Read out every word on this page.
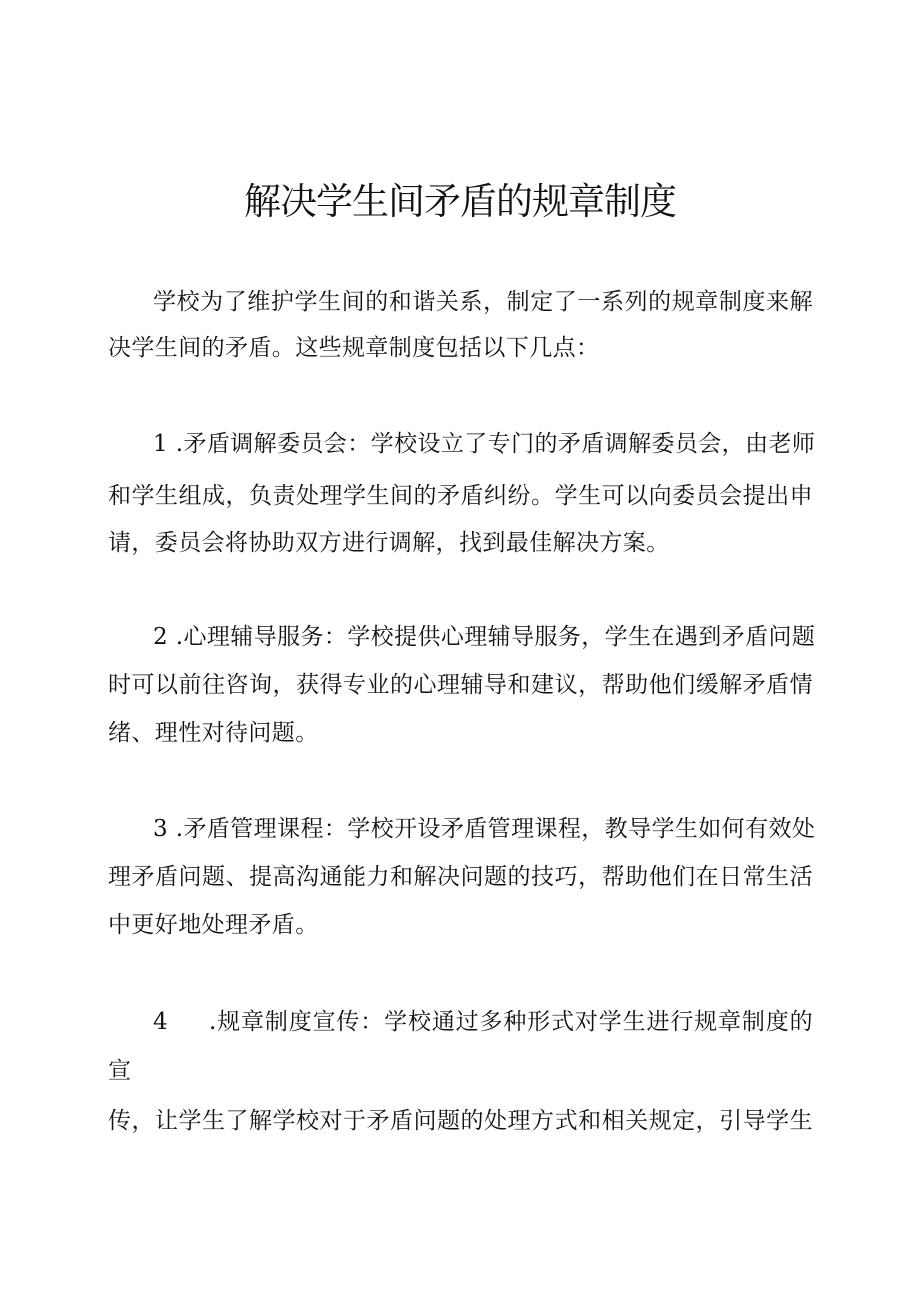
解决学生间矛盾的规章制度
学校为了维护学生间的和谐关系，制定了一系列的规章制度来解
决学生间的矛盾。这些规章制度包括以下几点：
1 .矛盾调解委员会：学校设立了专门的矛盾调解委员会，由老师
和学生组成，负责处理学生间的矛盾纠纷。学生可以向委员会提出申
请，委员会将协助双方进行调解，找到最佳解决方案。
2 .心理辅导服务：学校提供心理辅导服务，学生在遇到矛盾问题
时可以前往咨询，获得专业的心理辅导和建议，帮助他们缓解矛盾情
绪、理性对待问题。
3 .矛盾管理课程：学校开设矛盾管理课程，教导学生如何有效处
理矛盾问题、提高沟通能力和解决问题的技巧，帮助他们在日常生活
中更好地处理矛盾。
4 .规章制度宣传：学校通过多种形式对学生进行规章制度的
宣
传，让学生了解学校对于矛盾问题的处理方式和相关规定，引导学生
